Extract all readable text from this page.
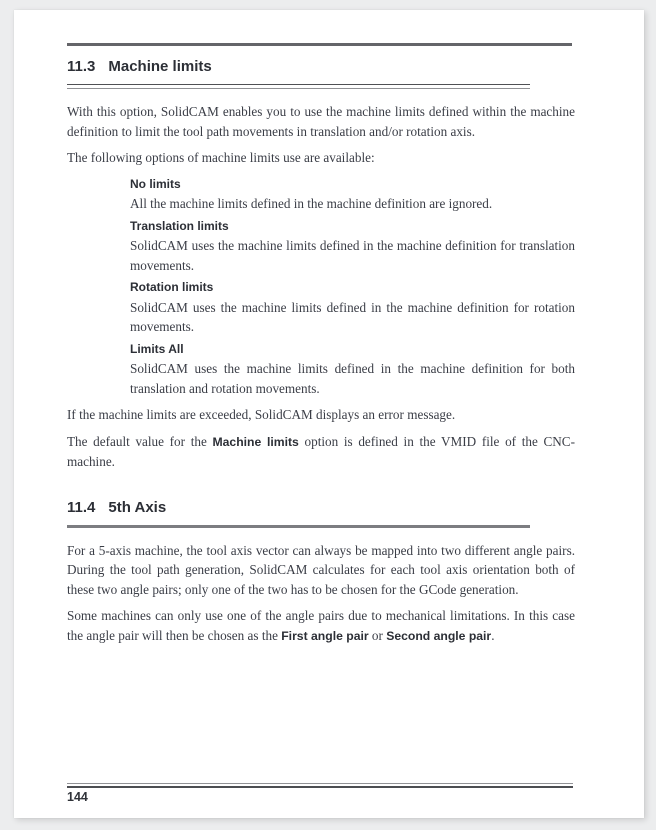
11.3 Machine limits

With this option, SolidCAM enables you to use the machine limits defined within the machine definition to limit the tool path movements in translation and/or rotation axis.

The following options of machine limits use are available:

No limits

All the machine limits defined in the machine definition are ignored.

Translation limits

SolidCAM uses the machine limits defined in the machine definition for translation movements.

Rotation limits

SolidCAM uses the machine limits defined in the machine definition for rotation movements.

Limits All

SolidCAM uses the machine limits defined in the machine definition for both translation and rotation movements.

If the machine limits are exceeded, SolidCAM displays an error message.

The default value for the Machine limits option is defined in the VMID file of the CNC-machine.

11.4 5th Axis

For a 5-axis machine, the tool axis vector can always be mapped into two different angle pairs. During the tool path generation, SolidCAM calculates for each tool axis orientation both of these two angle pairs; only one of the two has to be chosen for the GCode generation.

Some machines can only use one of the angle pairs due to mechanical limitations. In this case the angle pair will then be chosen as the First angle pair or Second angle pair.

144
